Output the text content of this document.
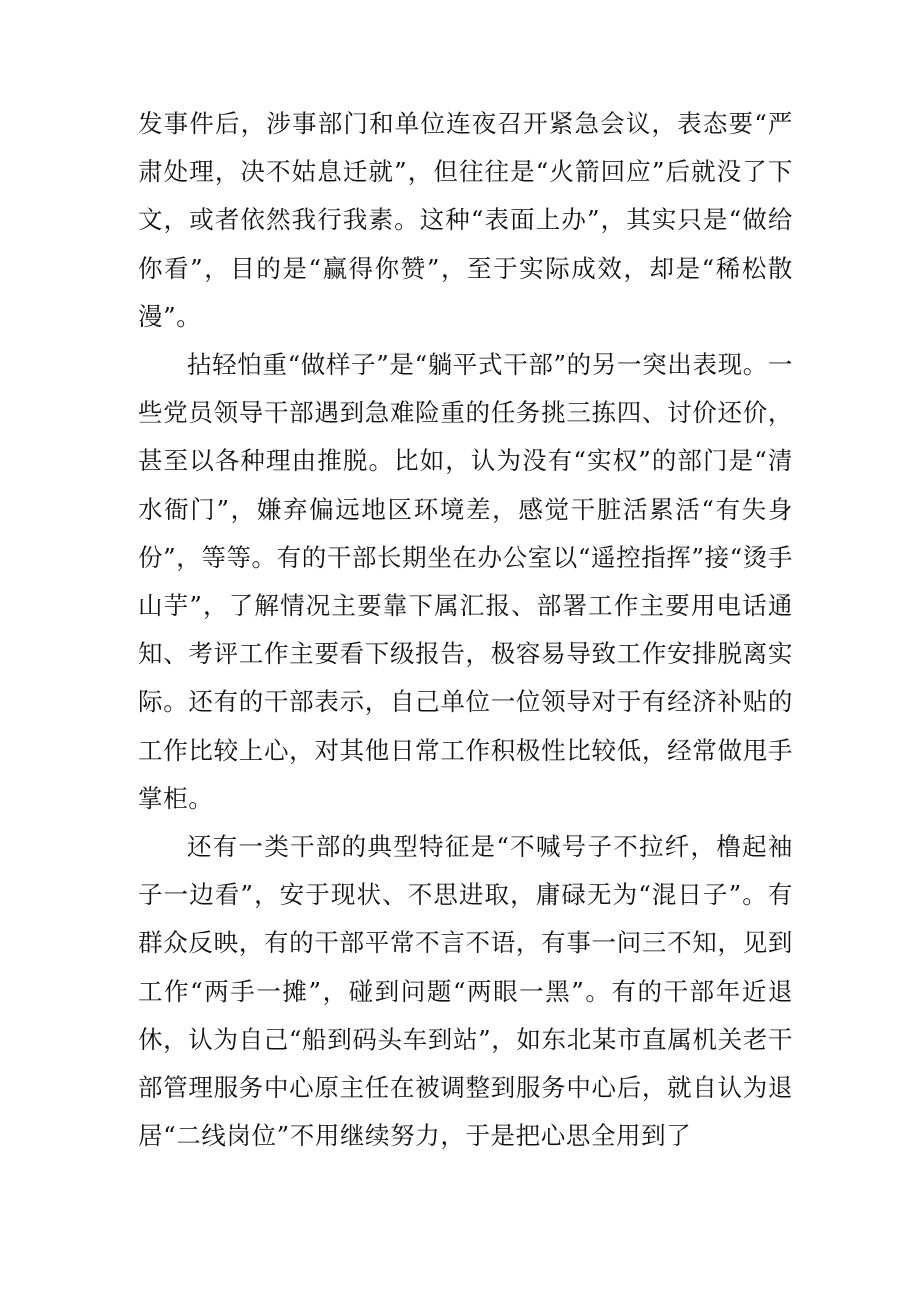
发事件后，涉事部门和单位连夜召开紧急会议，表态要“严肃处理，决不姑息迁就”，但往往是“火箭回应”后就没了下文，或者依然我行我素。这种“表面上办”，其实只是“做给你看”，目的是“赢得你赞”，至于实际成效，却是“稀松散漫”。

拈轻怕重“做样子”是“躺平式干部”的另一突出表现。一些党员领导干部遇到急难险重的任务挑三拣四、讨价还价，甚至以各种理由推脱。比如，认为没有“实权”的部门是“清水衙门”，嫌弃偏远地区环境差，感觉干脏活累活“有失身份”，等等。有的干部长期坐在办公室以“遥控指挥”接“烫手山芋”，了解情况主要靠下属汇报、部署工作主要用电话通知、考评工作主要看下级报告，极容易导致工作安排脱离实际。还有的干部表示，自己单位一位领导对于有经济补贴的工作比较上心，对其他日常工作积极性比较低，经常做甩手掌柜。

还有一类干部的典型特征是“不喊号子不拉纤，橹起袖子一边看”，安于现状、不思进取，庸碌无为“混日子”。有群众反映，有的干部平常不言不语，有事一问三不知，见到工作“两手一摊”，碰到问题“两眼一黑”。有的干部年近退休，认为自己“船到码头车到站”，如东北某市直属机关老干部管理服务中心原主任在被调整到服务中心后，就自认为退居“二线岗位”不用继续努力，于是把心思全用到了
